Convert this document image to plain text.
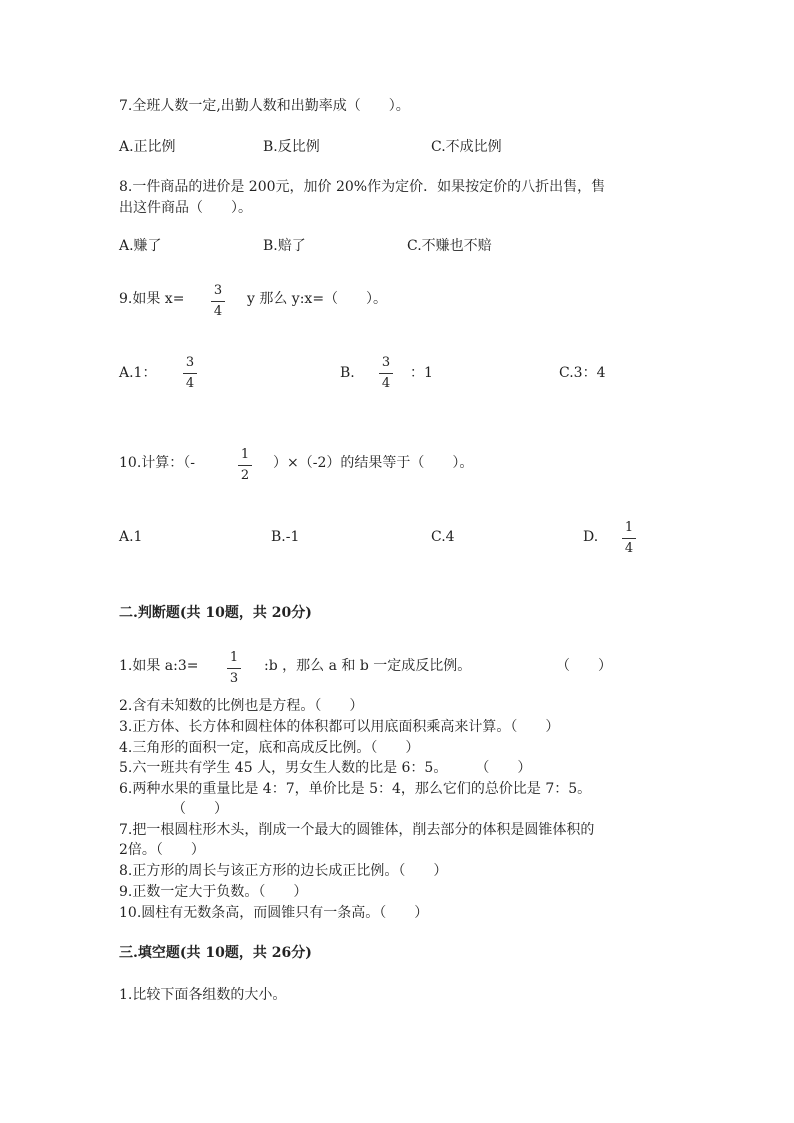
7.全班人数一定,出勤人数和出勤率成（　　）。
A.正比例	B.反比例	C.不成比例
8.一件商品的进价是 200元，加价 20%作为定价．如果按定价的八折出售，售
出这件商品（　　）。
A.赚了	B.赔了	C.不赚也不赔
9.如果 x=
3
4
y 那么 y:x=（　　）。
A.1：
3
4
B.
3
4
：1	C.3：4
10.计算：（-
1
2
）×（-2）的结果等于（　　）。
A.1	B.-1	C.4	D.
1
4
二.判断题(共 10题，共 20分)
1.如果 a:3=
1
3
:b ，那么 a 和 b 一定成反比例。	（　　）
2.含有未知数的比例也是方程。（　　）
3.正方体、长方体和圆柱体的体积都可以用底面积乘高来计算。（　　）
4.三角形的面积一定，底和高成反比例。（　　）
5.六一班共有学生 45 人，男女生人数的比是 6：5。　　　（　　）
6.两种水果的重量比是 4：7，单价比是 5：4，那么它们的总价比是 7：5。
（　　）
7.把一根圆柱形木头，削成一个最大的圆锥体，削去部分的体积是圆锥体积的
2倍。（　　）
8.正方形的周长与该正方形的边长成正比例。（　　）
9.正数一定大于负数。（　　）
10.圆柱有无数条高，而圆锥只有一条高。（　　）
三.填空题(共 10题，共 26分)
1.比较下面各组数的大小。
